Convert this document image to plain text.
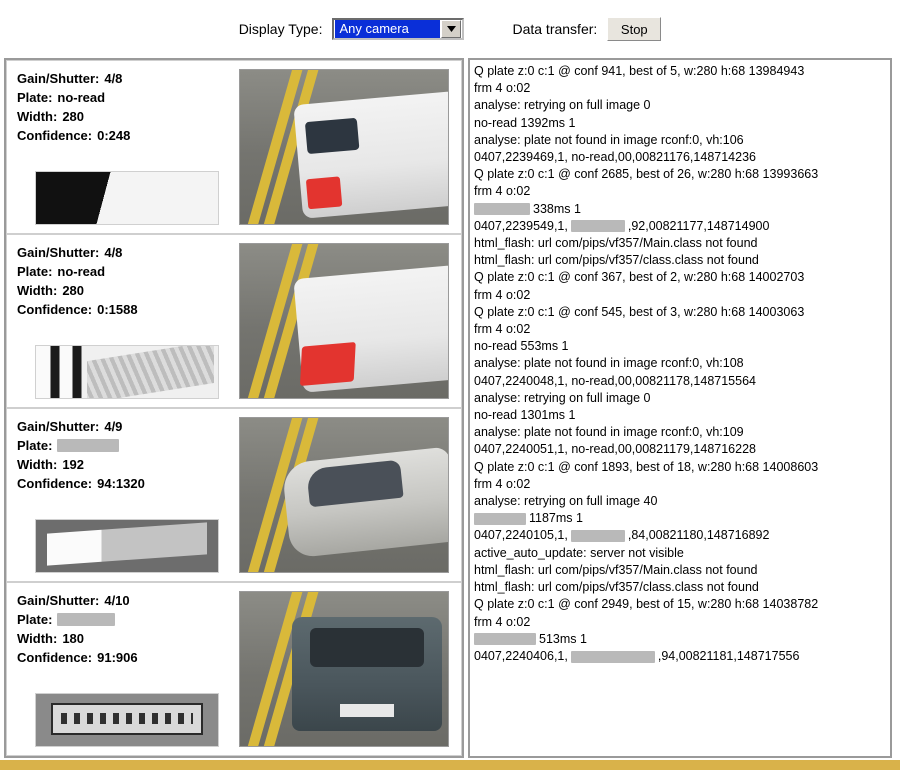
Display Type:	Any camera	Data transfer:	Stop
Gain/Shutter: 4/8
Plate: no-read
Width: 280
Confidence: 0:248
Gain/Shutter: 4/8
Plate: no-read
Width: 280
Confidence: 0:1588
Gain/Shutter: 4/9
Plate:
Width: 192
Confidence: 94:1320
Gain/Shutter: 4/10
Plate:
Width: 180
Confidence: 91:906
Q plate z:0 c:1 @ conf 941, best of 5, w:280 h:68 13984943
frm 4 o:02
analyse: retrying on full image 0
no-read 1392ms 1
analyse: plate not found in image rconf:0, vh:106
0407,2239469,1, no-read,00,00821176,148714236
Q plate z:0 c:1 @ conf 2685, best of 26, w:280 h:68 13993663
frm 4 o:02
338ms 1
0407,2239549,1,	,92,00821177,148714900
html_flash: url com/pips/vf357/Main.class not found
html_flash: url com/pips/vf357/class.class not found
Q plate z:0 c:1 @ conf 367, best of 2, w:280 h:68 14002703
frm 4 o:02
Q plate z:0 c:1 @ conf 545, best of 3, w:280 h:68 14003063
frm 4 o:02
no-read 553ms 1
analyse: plate not found in image rconf:0, vh:108
0407,2240048,1, no-read,00,00821178,148715564
analyse: retrying on full image 0
no-read 1301ms 1
analyse: plate not found in image rconf:0, vh:109
0407,2240051,1, no-read,00,00821179,148716228
Q plate z:0 c:1 @ conf 1893, best of 18, w:280 h:68 14008603
frm 4 o:02
analyse: retrying on full image 40
1187ms 1
0407,2240105,1,	,84,00821180,148716892
active_auto_update: server not visible
html_flash: url com/pips/vf357/Main.class not found
html_flash: url com/pips/vf357/class.class not found
Q plate z:0 c:1 @ conf 2949, best of 15, w:280 h:68 14038782
frm 4 o:02
513ms 1
0407,2240406,1,	,94,00821181,148717556
